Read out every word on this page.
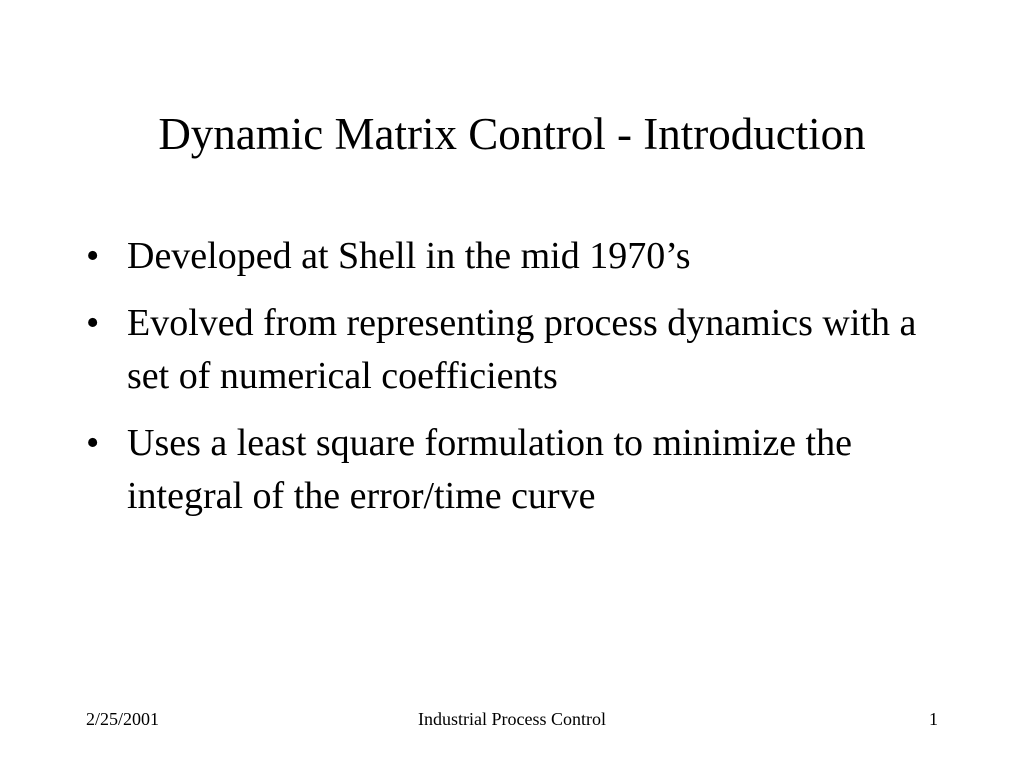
Dynamic Matrix Control - Introduction
• Developed at Shell in the mid 1970’s
• Evolved from representing process dynamics with a set of numerical coefficients
• Uses a least square formulation to minimize the integral of the error/time curve
2/25/2001	Industrial Process Control	1
